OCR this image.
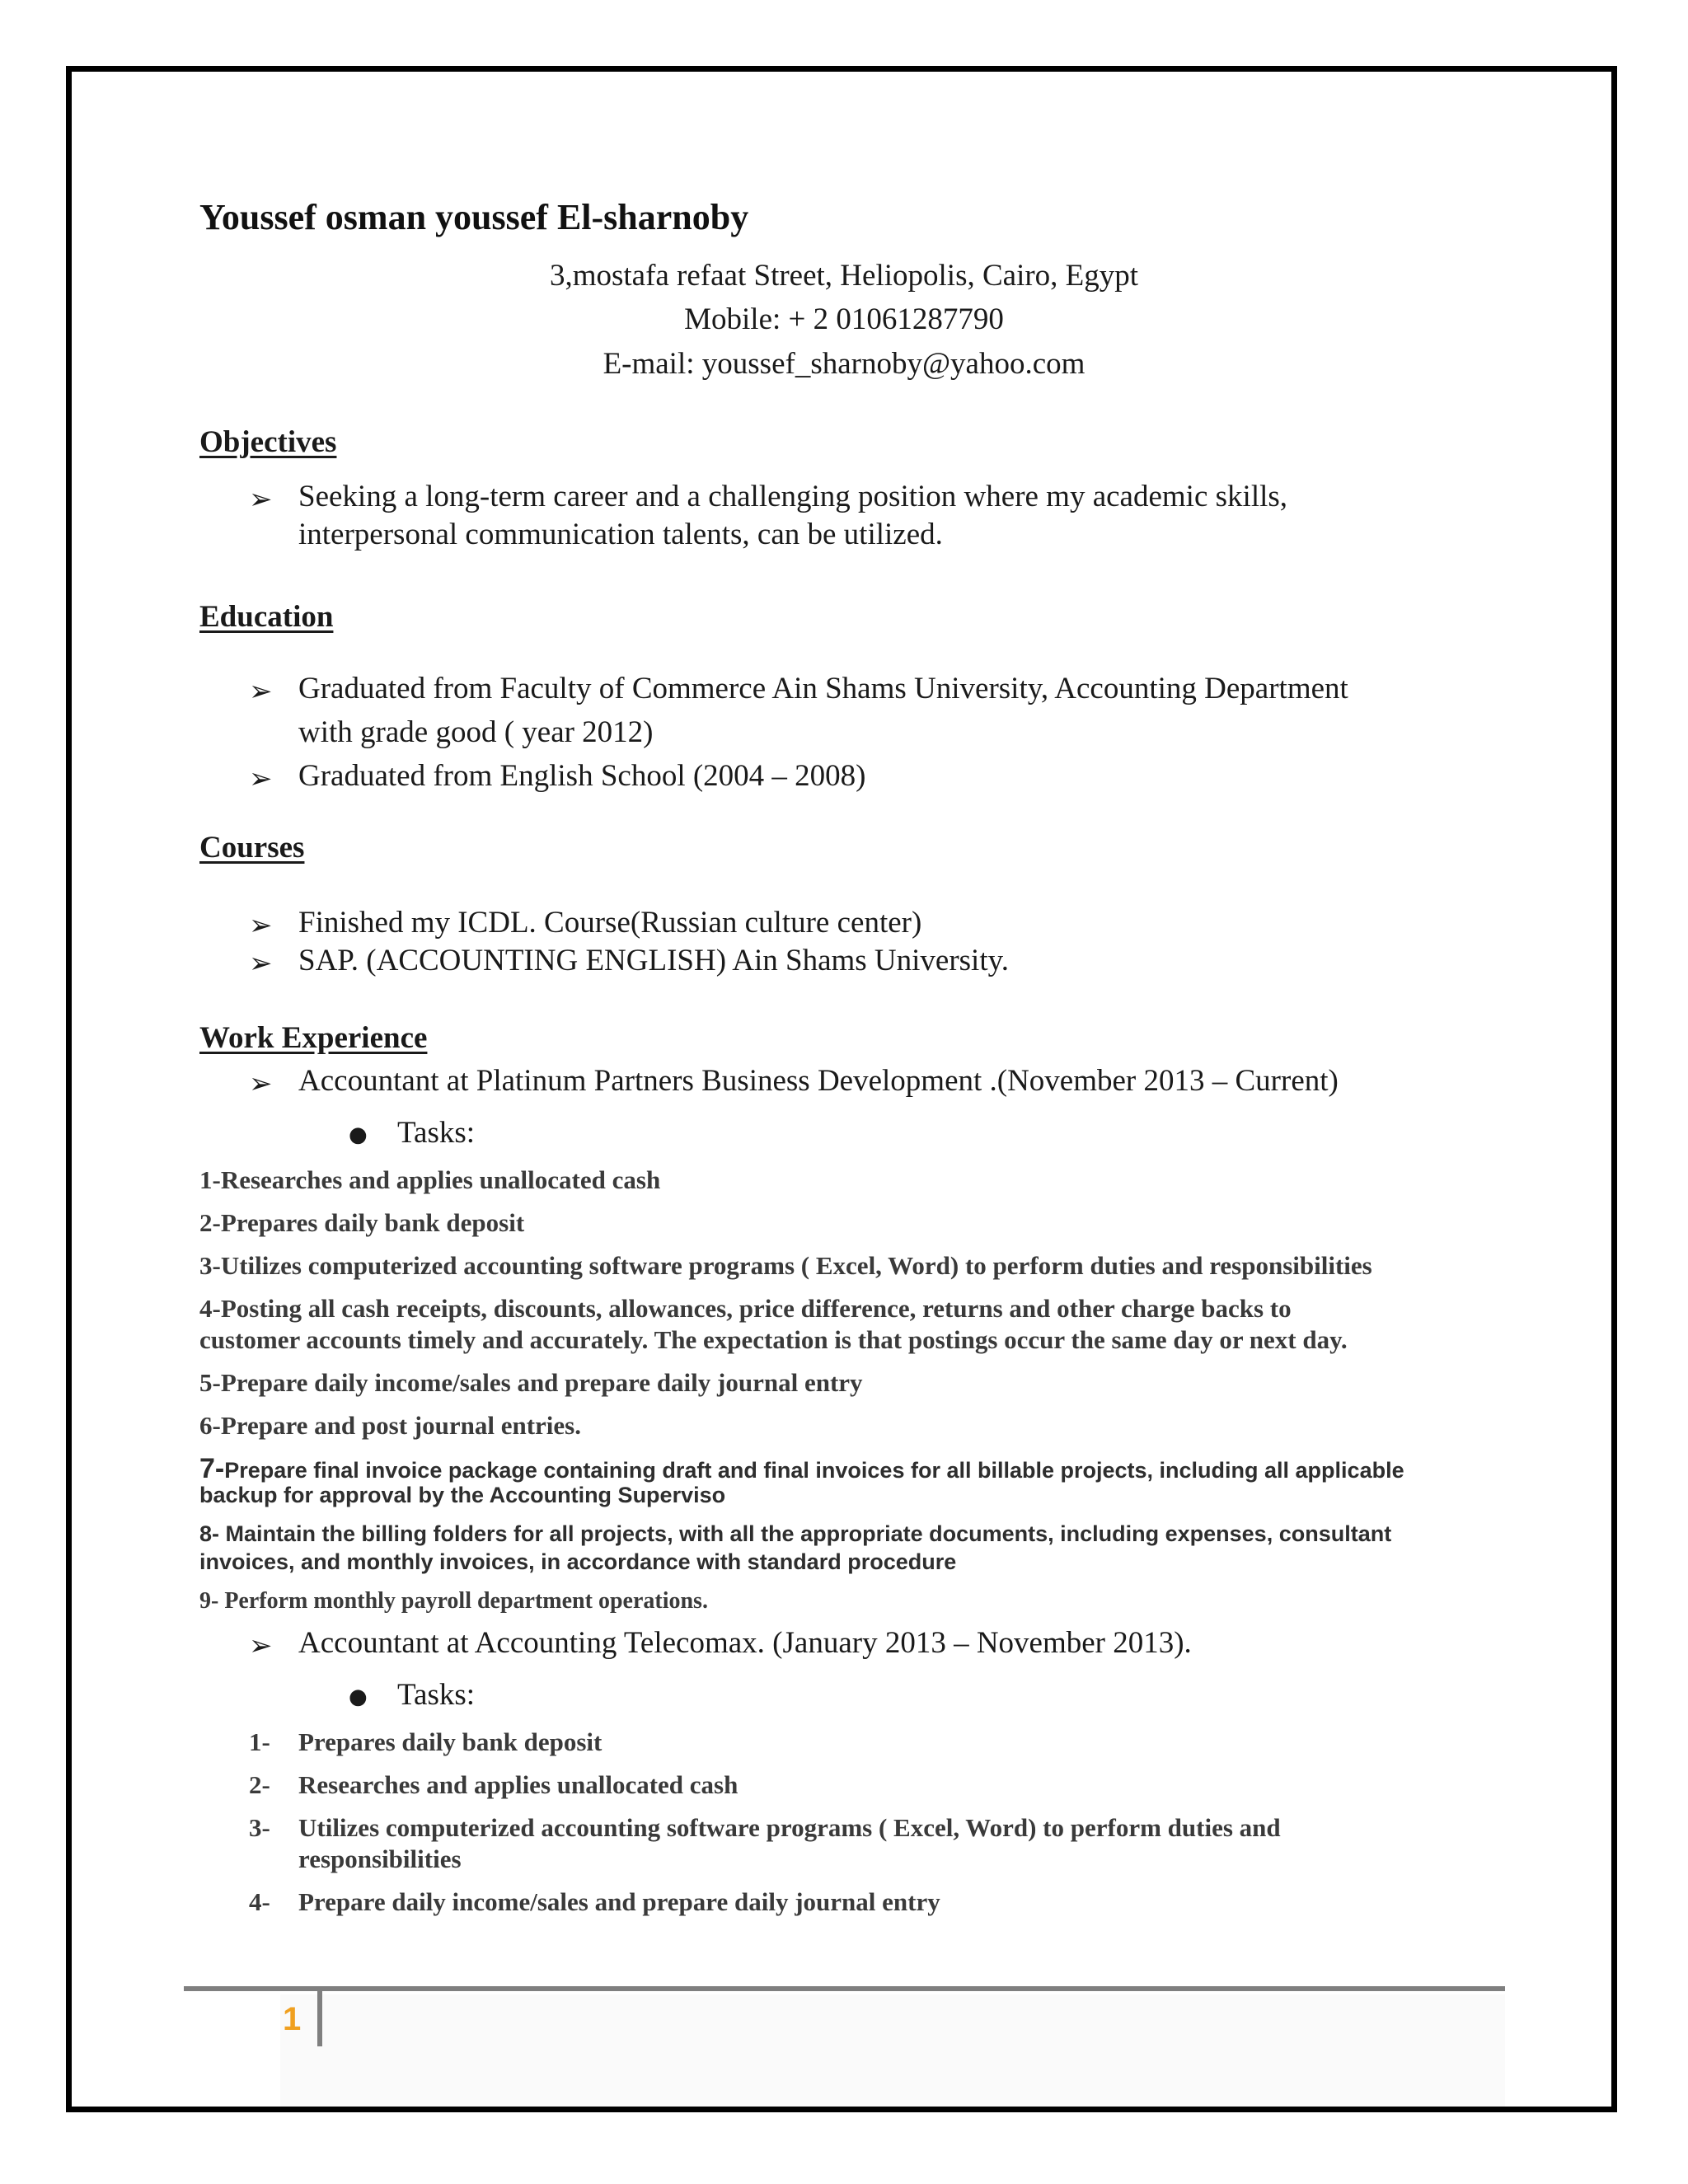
Youssef osman youssef El-sharnoby
3,mostafa refaat Street, Heliopolis, Cairo, Egypt
Mobile: + 2 01061287790
E-mail: youssef_sharnoby@yahoo.com
Objectives
➢ Seeking a long-term career and a challenging position where my academic skills,
interpersonal communication talents, can be utilized.
Education
➢ Graduated from Faculty of Commerce Ain Shams University, Accounting Department
with grade good ( year 2012)
➢ Graduated from English School (2004 – 2008)
Courses
➢ Finished my ICDL. Course(Russian culture center)
➢ SAP. (ACCOUNTING ENGLISH) Ain Shams University.
Work Experience
➢ Accountant at Platinum Partners Business Development .(November 2013 – Current)
● Tasks:
1-Researches and applies unallocated cash
2-Prepares daily bank deposit
3-Utilizes computerized accounting software programs ( Excel, Word) to perform duties and responsibilities
4-Posting all cash receipts, discounts, allowances, price difference, returns and other charge backs to
customer accounts timely and accurately. The expectation is that postings occur the same day or next day.
5-Prepare daily income/sales and prepare daily journal entry
6-Prepare and post journal entries.
7-Prepare final invoice package containing draft and final invoices for all billable projects, including all applicable
backup for approval by the Accounting Superviso
8- Maintain the billing folders for all projects, with all the appropriate documents, including expenses, consultant
invoices, and monthly invoices, in accordance with standard procedure
9- Perform monthly payroll department operations.
➢ Accountant at Accounting Telecomax. (January 2013 – November 2013).
● Tasks:
1- Prepares daily bank deposit
2- Researches and applies unallocated cash
3- Utilizes computerized accounting software programs ( Excel, Word) to perform duties and
responsibilities
4- Prepare daily income/sales and prepare daily journal entry
1
